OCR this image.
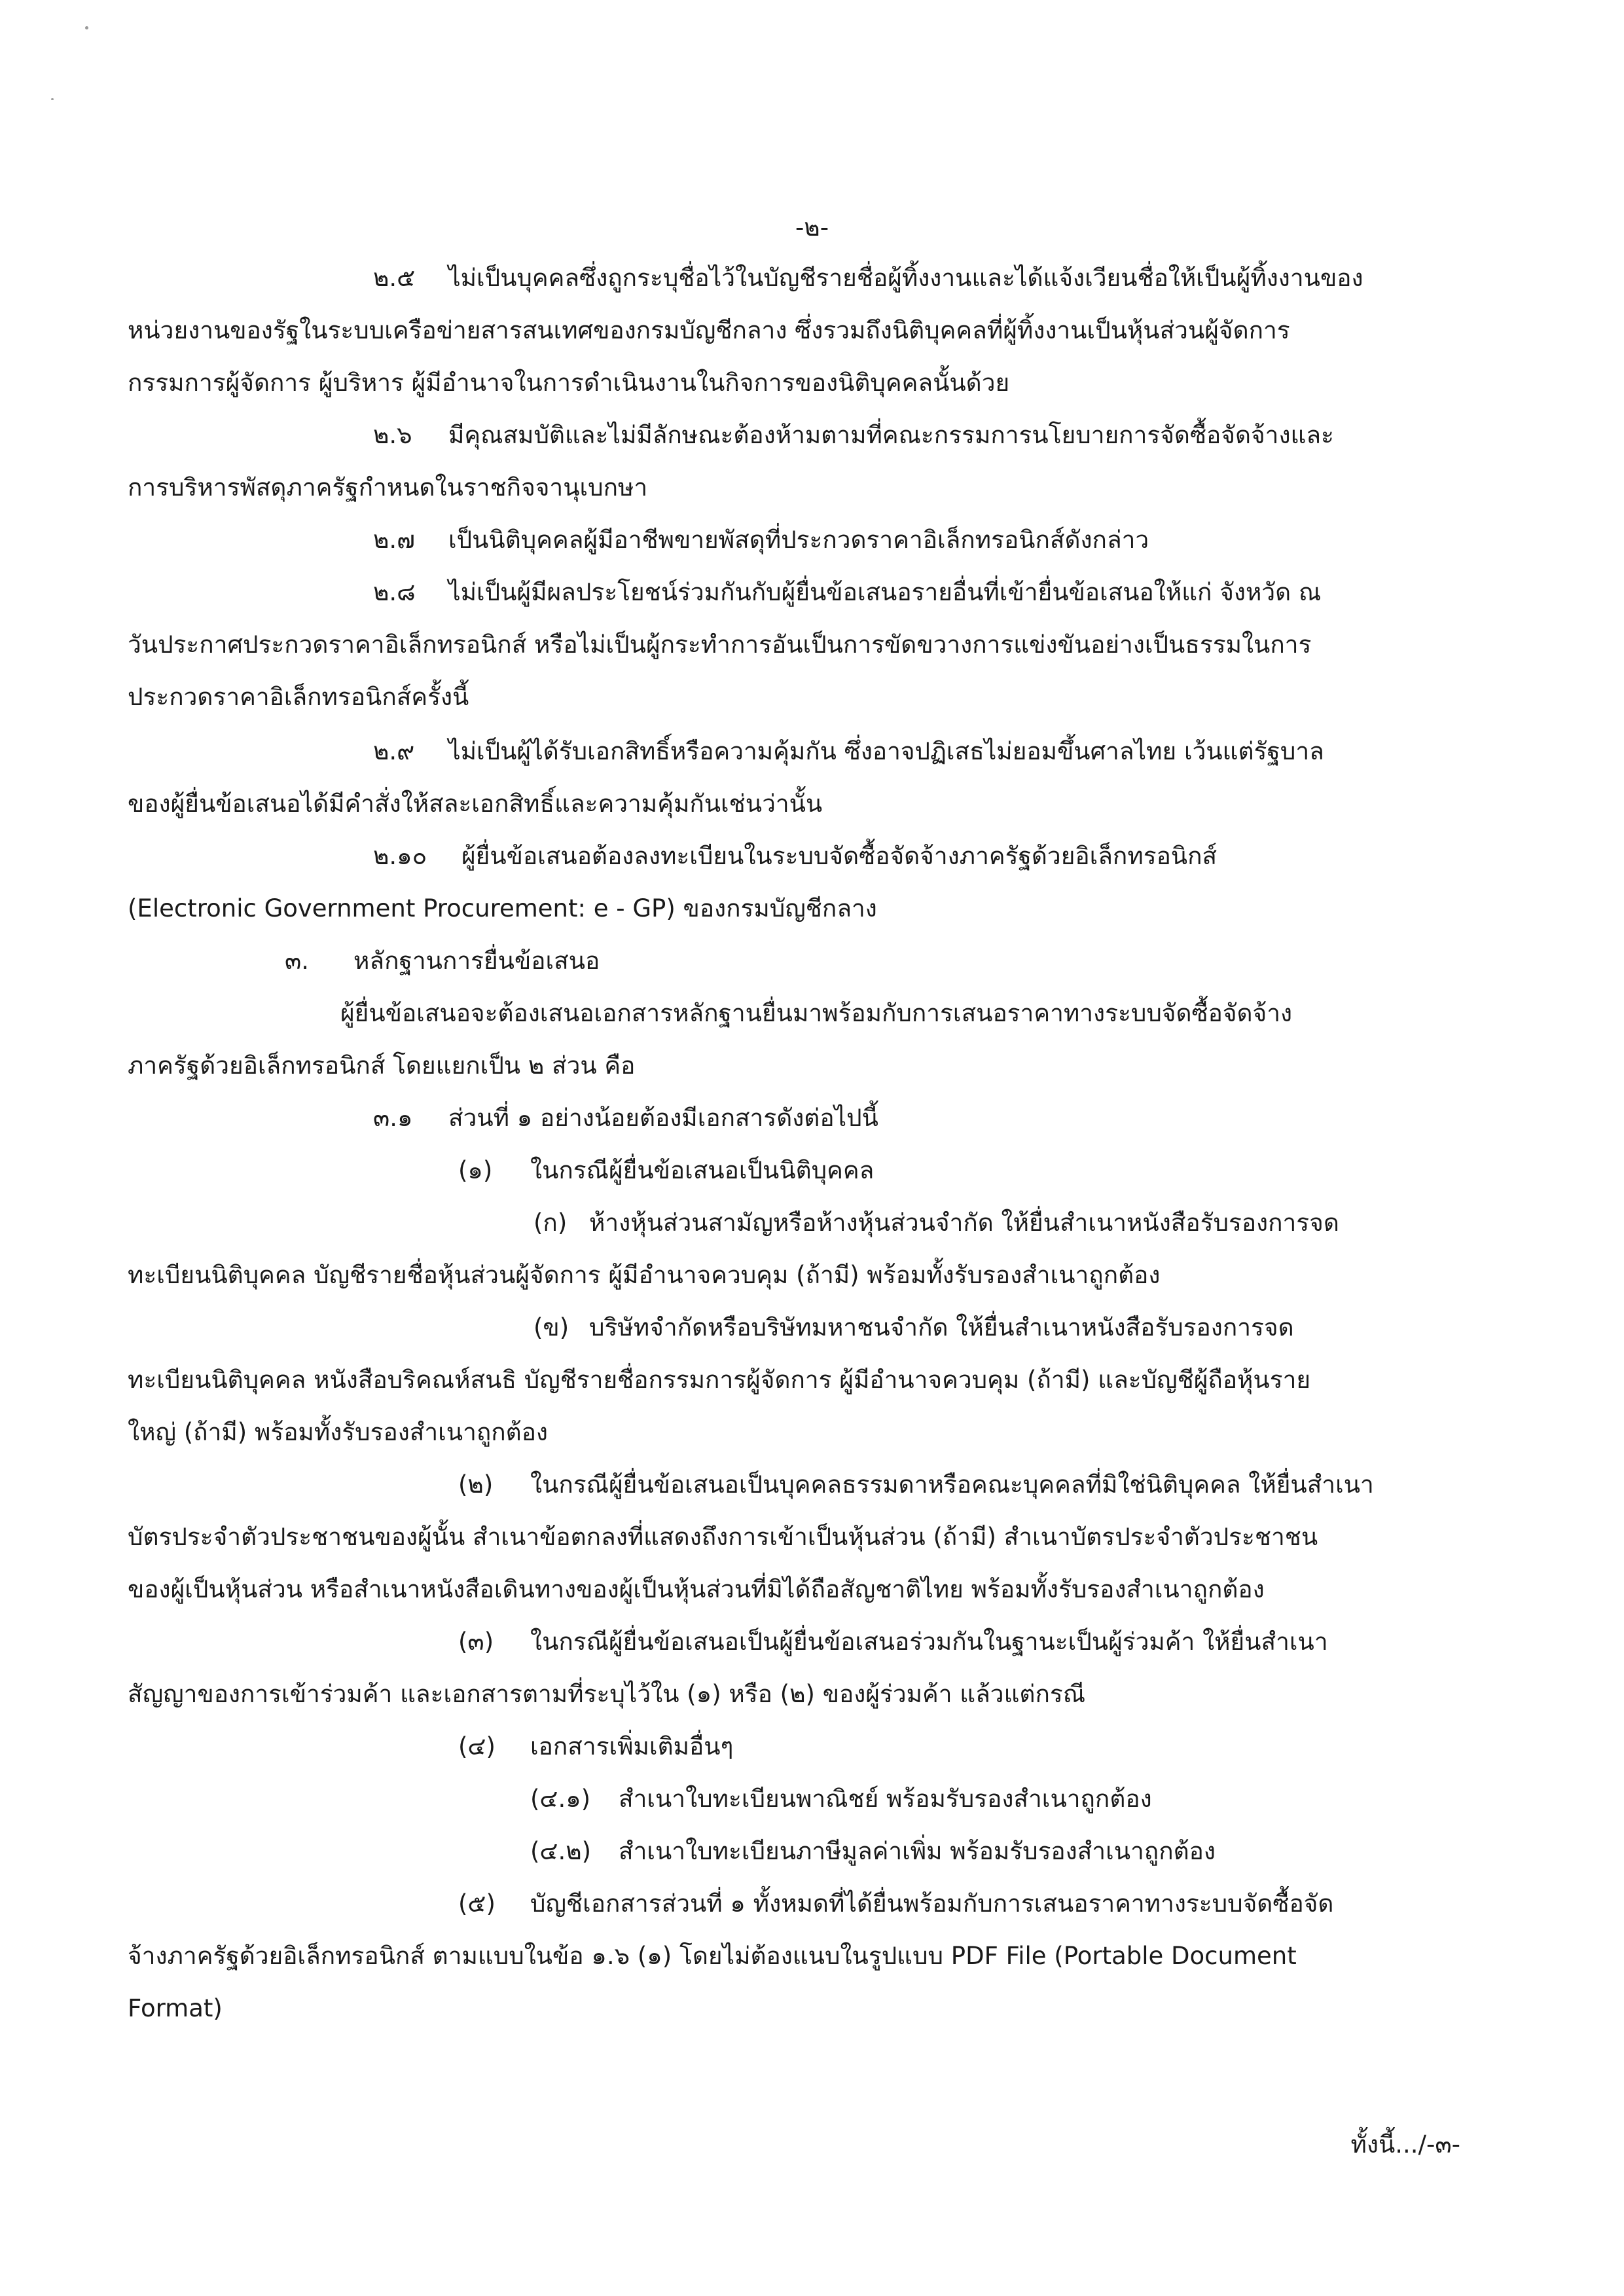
-๒-
๒.๕ ไม่เป็นบุคคลซึ่งถูกระบุชื่อไว้ในบัญชีรายชื่อผู้ทิ้งงานและได้แจ้งเวียนชื่อให้เป็นผู้ทิ้งงานของ
หน่วยงานของรัฐในระบบเครือข่ายสารสนเทศของกรมบัญชีกลาง ซึ่งรวมถึงนิติบุคคลที่ผู้ทิ้งงานเป็นหุ้นส่วนผู้จัดการ
กรรมการผู้จัดการ ผู้บริหาร ผู้มีอำนาจในการดำเนินงานในกิจการของนิติบุคคลนั้นด้วย
๒.๖ มีคุณสมบัติและไม่มีลักษณะต้องห้ามตามที่คณะกรรมการนโยบายการจัดซื้อจัดจ้างและ
การบริหารพัสดุภาครัฐกำหนดในราชกิจจานุเบกษา
๒.๗ เป็นนิติบุคคลผู้มีอาชีพขายพัสดุที่ประกวดราคาอิเล็กทรอนิกส์ดังกล่าว
๒.๘ ไม่เป็นผู้มีผลประโยชน์ร่วมกันกับผู้ยื่นข้อเสนอรายอื่นที่เข้ายื่นข้อเสนอให้แก่ จังหวัด ณ
วันประกาศประกวดราคาอิเล็กทรอนิกส์ หรือไม่เป็นผู้กระทำการอันเป็นการขัดขวางการแข่งขันอย่างเป็นธรรมในการ
ประกวดราคาอิเล็กทรอนิกส์ครั้งนี้
๒.๙ ไม่เป็นผู้ได้รับเอกสิทธิ์หรือความคุ้มกัน ซึ่งอาจปฏิเสธไม่ยอมขึ้นศาลไทย เว้นแต่รัฐบาล
ของผู้ยื่นข้อเสนอได้มีคำสั่งให้สละเอกสิทธิ์และความคุ้มกันเช่นว่านั้น
๒.๑๐ ผู้ยื่นข้อเสนอต้องลงทะเบียนในระบบจัดซื้อจัดจ้างภาครัฐด้วยอิเล็กทรอนิกส์
(Electronic Government Procurement: e - GP) ของกรมบัญชีกลาง
๓. หลักฐานการยื่นข้อเสนอ
ผู้ยื่นข้อเสนอจะต้องเสนอเอกสารหลักฐานยื่นมาพร้อมกับการเสนอราคาทางระบบจัดซื้อจัดจ้าง
ภาครัฐด้วยอิเล็กทรอนิกส์ โดยแยกเป็น ๒ ส่วน คือ
๓.๑ ส่วนที่ ๑ อย่างน้อยต้องมีเอกสารดังต่อไปนี้
(๑) ในกรณีผู้ยื่นข้อเสนอเป็นนิติบุคคล
(ก) ห้างหุ้นส่วนสามัญหรือห้างหุ้นส่วนจำกัด ให้ยื่นสำเนาหนังสือรับรองการจด
ทะเบียนนิติบุคคล บัญชีรายชื่อหุ้นส่วนผู้จัดการ ผู้มีอำนาจควบคุม (ถ้ามี) พร้อมทั้งรับรองสำเนาถูกต้อง
(ข) บริษัทจำกัดหรือบริษัทมหาชนจำกัด ให้ยื่นสำเนาหนังสือรับรองการจด
ทะเบียนนิติบุคคล หนังสือบริคณห์สนธิ บัญชีรายชื่อกรรมการผู้จัดการ ผู้มีอำนาจควบคุม (ถ้ามี) และบัญชีผู้ถือหุ้นราย
ใหญ่ (ถ้ามี) พร้อมทั้งรับรองสำเนาถูกต้อง
(๒) ในกรณีผู้ยื่นข้อเสนอเป็นบุคคลธรรมดาหรือคณะบุคคลที่มิใช่นิติบุคคล ให้ยื่นสำเนา
บัตรประจำตัวประชาชนของผู้นั้น สำเนาข้อตกลงที่แสดงถึงการเข้าเป็นหุ้นส่วน (ถ้ามี) สำเนาบัตรประจำตัวประชาชน
ของผู้เป็นหุ้นส่วน หรือสำเนาหนังสือเดินทางของผู้เป็นหุ้นส่วนที่มิได้ถือสัญชาติไทย พร้อมทั้งรับรองสำเนาถูกต้อง
(๓) ในกรณีผู้ยื่นข้อเสนอเป็นผู้ยื่นข้อเสนอร่วมกันในฐานะเป็นผู้ร่วมค้า ให้ยื่นสำเนา
สัญญาของการเข้าร่วมค้า และเอกสารตามที่ระบุไว้ใน (๑) หรือ (๒) ของผู้ร่วมค้า แล้วแต่กรณี
(๔) เอกสารเพิ่มเติมอื่นๆ
(๔.๑) สำเนาใบทะเบียนพาณิชย์ พร้อมรับรองสำเนาถูกต้อง
(๔.๒) สำเนาใบทะเบียนภาษีมูลค่าเพิ่ม พร้อมรับรองสำเนาถูกต้อง
(๕) บัญชีเอกสารส่วนที่ ๑ ทั้งหมดที่ได้ยื่นพร้อมกับการเสนอราคาทางระบบจัดซื้อจัด
จ้างภาครัฐด้วยอิเล็กทรอนิกส์ ตามแบบในข้อ ๑.๖ (๑) โดยไม่ต้องแนบในรูปแบบ PDF File (Portable Document
Format)
ทั้งนี้.../-๓-
